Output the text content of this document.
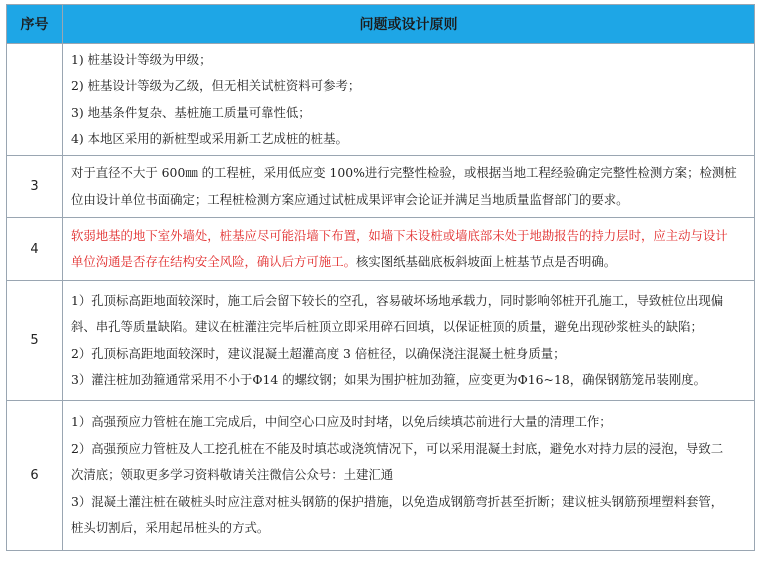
序号	问题或设计原则

	1) 桩基设计等级为甲级；
2) 桩基设计等级为乙级，但无相关试桩资料可参考；
3) 地基条件复杂、基桩施工质量可靠性低；
4) 本地区采用的新桩型或采用新工艺成桩的桩基。

3	对于直径不大于 600㎜ 的工程桩，采用低应变 100%进行完整性检验，或根据当地工程经验确定完整性检测方案；检测桩
位由设计单位书面确定；工程桩检测方案应通过试桩成果评审会论证并满足当地质量监督部门的要求。

4	软弱地基的地下室外墙处，桩基应尽可能沿墙下布置，如墙下未设桩或墙底部未处于地勘报告的持力层时，应主动与设计
单位沟通是否存在结构安全风险，确认后方可施工。核实图纸基础底板斜坡面上桩基节点是否明确。

5	1）孔顶标高距地面较深时，施工后会留下较长的空孔，容易破坏场地承载力，同时影响邻桩开孔施工，导致桩位出现偏
斜、串孔等质量缺陷。建议在桩灌注完毕后桩顶立即采用碎石回填，以保证桩顶的质量，避免出现砂浆桩头的缺陷；
2）孔顶标高距地面较深时，建议混凝土超灌高度 3 倍桩径，以确保浇注混凝土桩身质量；
3）灌注桩加劲箍通常采用不小于Φ14 的螺纹钢；如果为围护桩加劲箍，应变更为Φ16~18，确保钢筋笼吊装刚度。

6	1）高强预应力管桩在施工完成后，中间空心口应及时封堵，以免后续填芯前进行大量的清理工作；
2）高强预应力管桩及人工挖孔桩在不能及时填芯或浇筑情况下，可以采用混凝土封底，避免水对持力层的浸泡，导致二
次清底；领取更多学习资料敬请关注微信公众号：土建汇通
3）混凝土灌注桩在破桩头时应注意对桩头钢筋的保护措施，以免造成钢筋弯折甚至折断；建议桩头钢筋预埋塑料套管，
桩头切割后，采用起吊桩头的方式。
